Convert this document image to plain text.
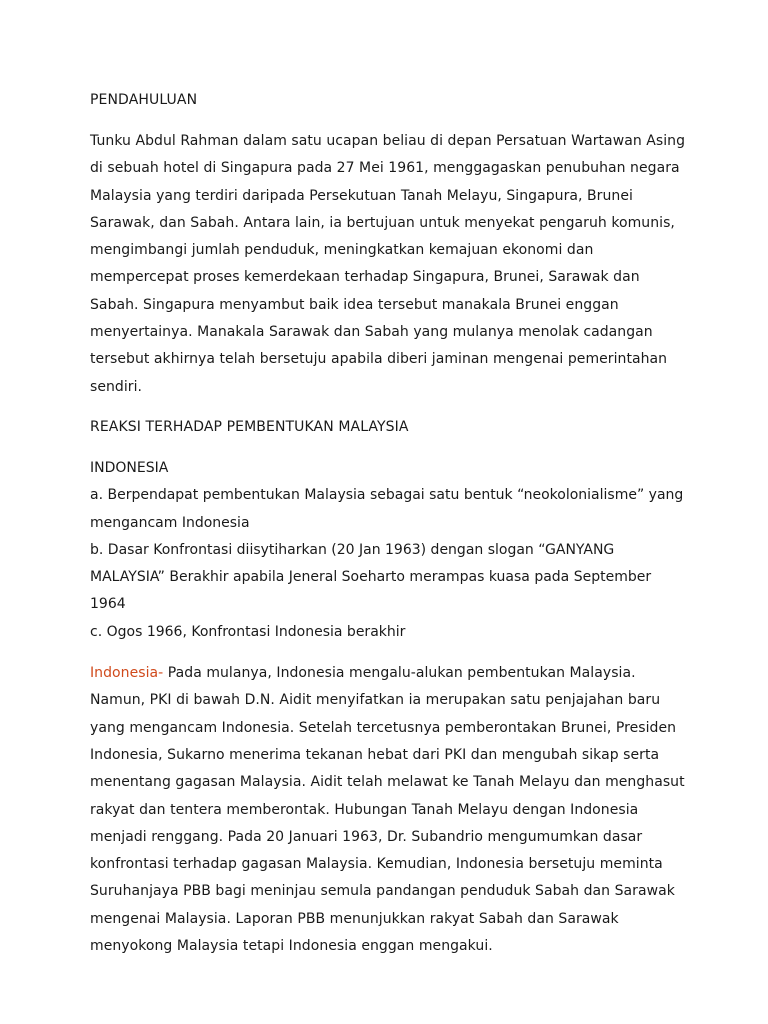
PENDAHULUAN

Tunku Abdul Rahman dalam satu ucapan beliau di depan Persatuan Wartawan Asing di sebuah hotel di Singapura pada 27 Mei 1961, menggagaskan penubuhan negara Malaysia yang terdiri daripada Persekutuan Tanah Melayu, Singapura, Brunei Sarawak, dan Sabah. Antara lain, ia bertujuan untuk menyekat pengaruh komunis, mengimbangi jumlah penduduk, meningkatkan kemajuan ekonomi dan mempercepat proses kemerdekaan terhadap Singapura, Brunei, Sarawak dan Sabah. Singapura menyambut baik idea tersebut manakala Brunei enggan menyertainya. Manakala Sarawak dan Sabah yang mulanya menolak cadangan tersebut akhirnya telah bersetuju apabila diberi jaminan mengenai pemerintahan sendiri.

REAKSI TERHADAP PEMBENTUKAN MALAYSIA
INDONESIA
a. Berpendapat pembentukan Malaysia sebagai satu bentuk “neokolonialisme” yang mengancam Indonesia
b. Dasar Konfrontasi diisytiharkan (20 Jan 1963) dengan slogan “GANYANG MALAYSIA” Berakhir apabila Jeneral Soeharto merampas kuasa pada September 1964
c. Ogos 1966, Konfrontasi Indonesia berakhir

Indonesia- Pada mulanya, Indonesia mengalu-alukan pembentukan Malaysia. Namun, PKI di bawah D.N. Aidit menyifatkan ia merupakan satu penjajahan baru yang mengancam Indonesia. Setelah tercetusnya pemberontakan Brunei, Presiden Indonesia, Sukarno menerima tekanan hebat dari PKI dan mengubah sikap serta menentang gagasan Malaysia. Aidit telah melawat ke Tanah Melayu dan menghasut rakyat dan tentera memberontak. Hubungan Tanah Melayu dengan Indonesia menjadi renggang. Pada 20 Januari 1963, Dr. Subandrio mengumumkan dasar konfrontasi terhadap gagasan Malaysia. Kemudian, Indonesia bersetuju meminta Suruhanjaya PBB bagi meninjau semula pandangan penduduk Sabah dan Sarawak mengenai Malaysia. Laporan PBB menunjukkan rakyat Sabah dan Sarawak menyokong Malaysia tetapi Indonesia enggan mengakui.
